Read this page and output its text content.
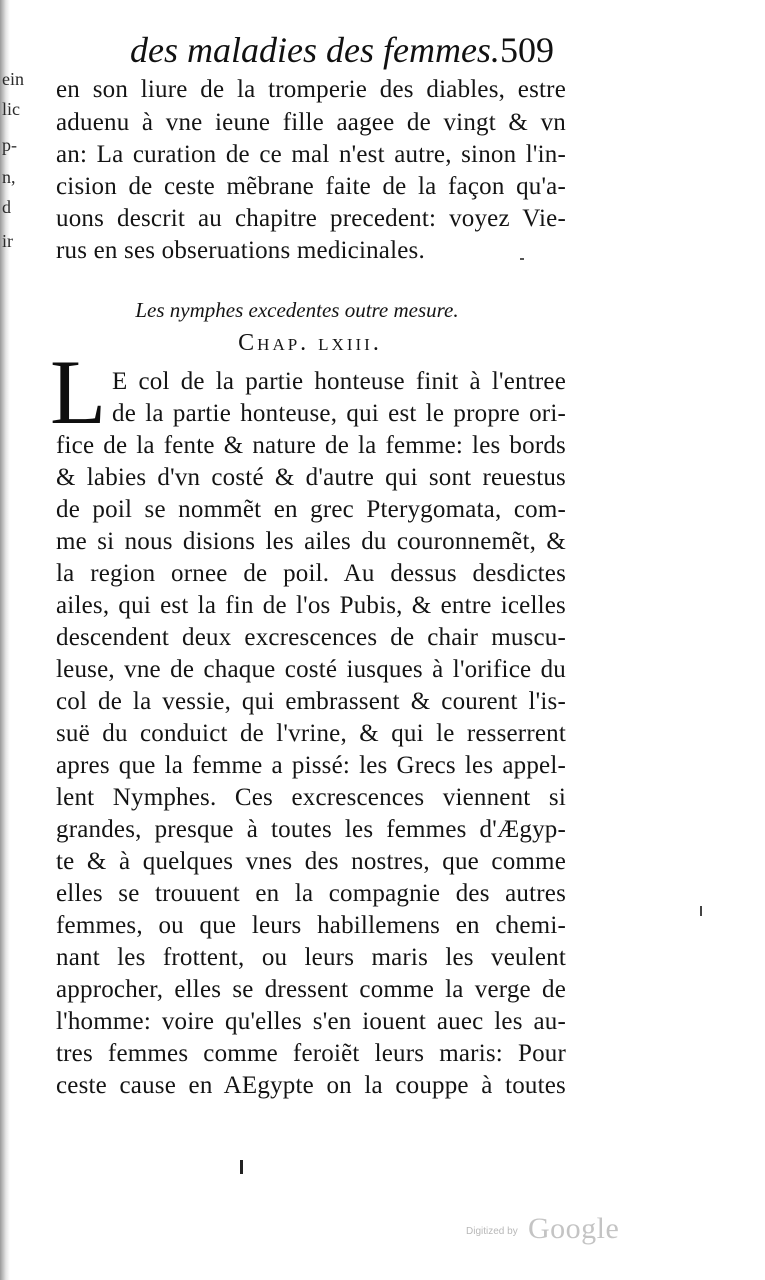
ein
lic
p-
n,
d
ir
des maladies des femmes. 509
en son liure de la tromperie des diables, estre
aduenu à vne ieune fille aagee de vingt & vn
an: La curation de ce mal n'est autre, sinon l'in-
cision de ceste mẽbrane faite de la façon qu'a-
uons descrit au chapitre precedent: voyez Vie-
rus en ses obseruations medicinales.
Les nymphes excedentes outre mesure.
Chap. lxiii.
L E col de la partie honteuse finit à l'entree
de la partie honteuse, qui est le propre ori-
fice de la fente & nature de la femme: les bords
& labies d'vn costé & d'autre qui sont reuestus
de poil se nommẽt en grec Pterygomata, com-
me si nous disions les ailes du couronnemẽt, &
la region ornee de poil. Au dessus desdictes
ailes, qui est la fin de l'os Pubis, & entre icelles
descendent deux excrescences de chair muscu-
leuse, vne de chaque costé iusques à l'orifice du
col de la vessie, qui embrassent & courent l'is-
suë du conduict de l'vrine, & qui le resserrent
apres que la femme a pissé: les Grecs les appel-
lent Nymphes. Ces excrescences viennent si
grandes, presque à toutes les femmes d'Ægyp-
te & à quelques vnes des nostres, que comme
elles se trouuent en la compagnie des autres
femmes, ou que leurs habillemens en chemi-
nant les frottent, ou leurs maris les veulent
approcher, elles se dressent comme la verge de
l'homme: voire qu'elles s'en iouent auec les au-
tres femmes comme feroiẽt leurs maris: Pour
ceste cause en AEgypte on la couppe à toutes
Digitized by Google
